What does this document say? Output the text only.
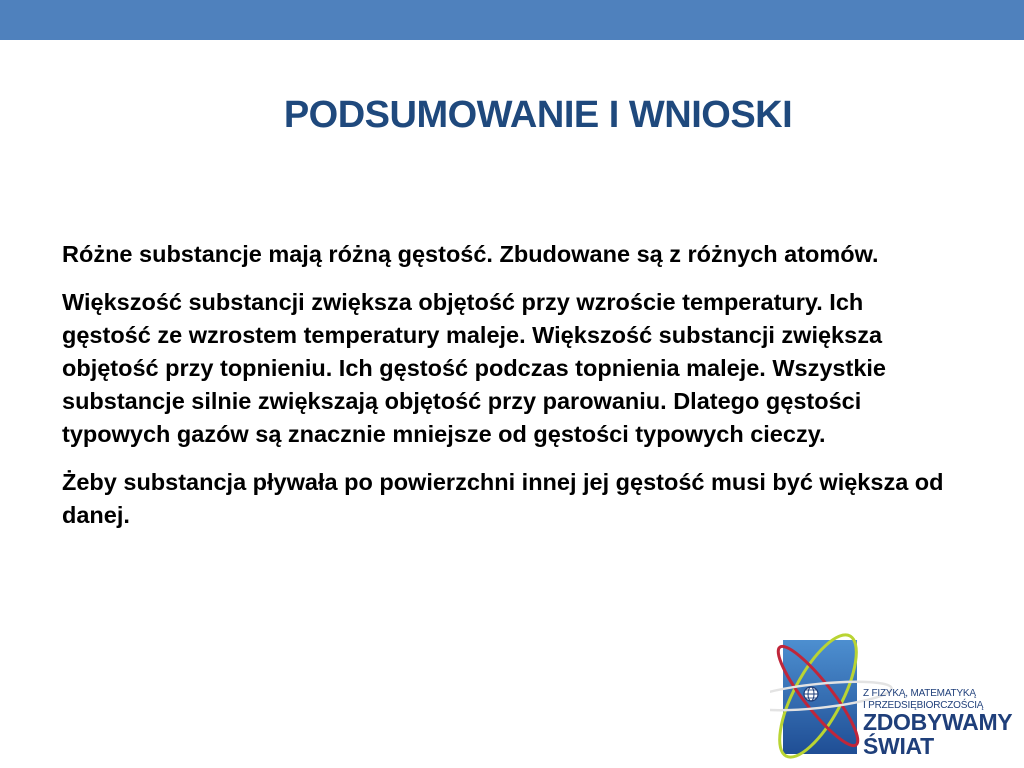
PODSUMOWANIE I WNIOSKI

Różne substancje mają różną gęstość. Zbudowane są z różnych atomów.

Większość substancji zwiększa objętość przy wzroście temperatury. Ich gęstość ze wzrostem temperatury maleje. Większość substancji zwiększa objętość przy topnieniu. Ich gęstość podczas topnienia maleje. Wszystkie substancje silnie zwiększają objętość przy parowaniu. Dlatego gęstości typowych gazów są znacznie mniejsze od gęstości typowych cieczy.

Żeby substancja pływała po powierzchni innej jej gęstość musi być większa od danej.

Z FIZYKĄ, MATEMATYKĄ
I PRZEDSIĘBIORCZOŚCIĄ
ZDOBYWAMY
ŚWIAT
